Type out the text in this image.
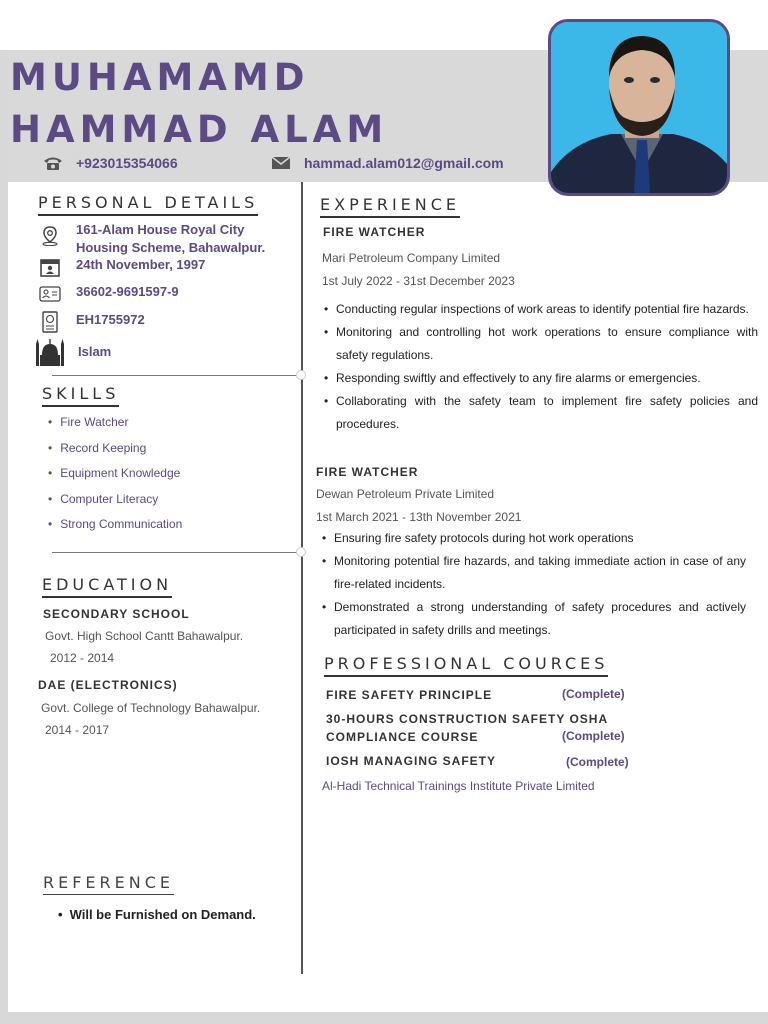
MUHAMAMD
HAMMAD ALAM
+923015354066	hammad.alam012@gmail.com
PERSONAL DETAILS
161-Alam House Royal City
Housing Scheme, Bahawalpur.
24th November, 1997
36602-9691597-9
EH1755972
Islam
SKILLS
• Fire Watcher
• Record Keeping
• Equipment Knowledge
• Computer Literacy
• Strong Communication
EDUCATION
SECONDARY SCHOOL
Govt. High School Cantt Bahawalpur.
2012 - 2014
DAE (ELECTRONICS)
Govt. College of Technology Bahawalpur.
2014 - 2017
REFERENCE
• Will be Furnished on Demand.
EXPERIENCE
FIRE WATCHER
Mari Petroleum Company Limited
1st July 2022 - 31st December 2023
• Conducting regular inspections of work areas to identify potential fire hazards.
• Monitoring and controlling hot work operations to ensure compliance with safety regulations.
• Responding swiftly and effectively to any fire alarms or emergencies.
• Collaborating with the safety team to implement fire safety policies and procedures.
FIRE WATCHER
Dewan Petroleum Private Limited
1st March 2021 - 13th November 2021
• Ensuring fire safety protocols during hot work operations
• Monitoring potential fire hazards, and taking immediate action in case of any fire-related incidents.
• Demonstrated a strong understanding of safety procedures and actively participated in safety drills and meetings.
PROFESSIONAL COURCES
FIRE SAFETY PRINCIPLE	(Complete)
30-HOURS CONSTRUCTION SAFETY OSHA
COMPLIANCE COURSE	(Complete)
IOSH MANAGING SAFETY	(Complete)
Al-Hadi Technical Trainings Institute Private Limited
